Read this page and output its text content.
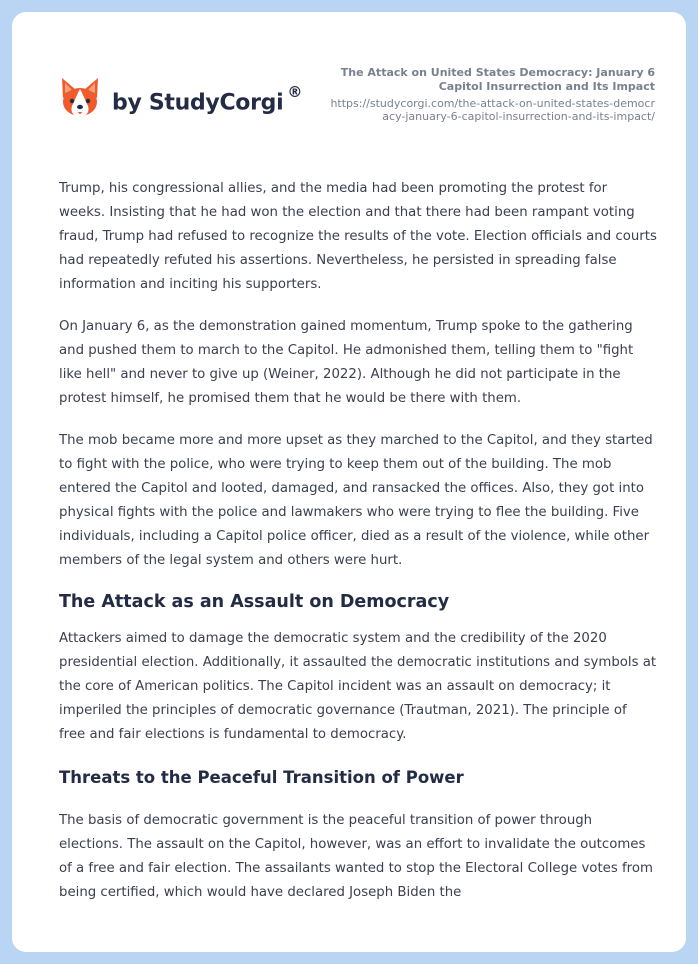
by StudyCorgi ®
The Attack on United States Democracy: January 6 Capitol Insurrection and Its Impact
https://studycorgi.com/the-attack-on-united-states-democracy-january-6-capitol-insurrection-and-its-impact/

Trump, his congressional allies, and the media had been promoting the protest for weeks. Insisting that he had won the election and that there had been rampant voting fraud, Trump had refused to recognize the results of the vote. Election officials and courts had repeatedly refuted his assertions. Nevertheless, he persisted in spreading false information and inciting his supporters.

On January 6, as the demonstration gained momentum, Trump spoke to the gathering and pushed them to march to the Capitol. He admonished them, telling them to "fight like hell" and never to give up (Weiner, 2022). Although he did not participate in the protest himself, he promised them that he would be there with them.

The mob became more and more upset as they marched to the Capitol, and they started to fight with the police, who were trying to keep them out of the building. The mob entered the Capitol and looted, damaged, and ransacked the offices. Also, they got into physical fights with the police and lawmakers who were trying to flee the building. Five individuals, including a Capitol police officer, died as a result of the violence, while other members of the legal system and others were hurt.

The Attack as an Assault on Democracy

Attackers aimed to damage the democratic system and the credibility of the 2020 presidential election. Additionally, it assaulted the democratic institutions and symbols at the core of American politics. The Capitol incident was an assault on democracy; it imperiled the principles of democratic governance (Trautman, 2021). The principle of free and fair elections is fundamental to democracy.

Threats to the Peaceful Transition of Power

The basis of democratic government is the peaceful transition of power through elections. The assault on the Capitol, however, was an effort to invalidate the outcomes of a free and fair election. The assailants wanted to stop the Electoral College votes from being certified, which would have declared Joseph Biden the
